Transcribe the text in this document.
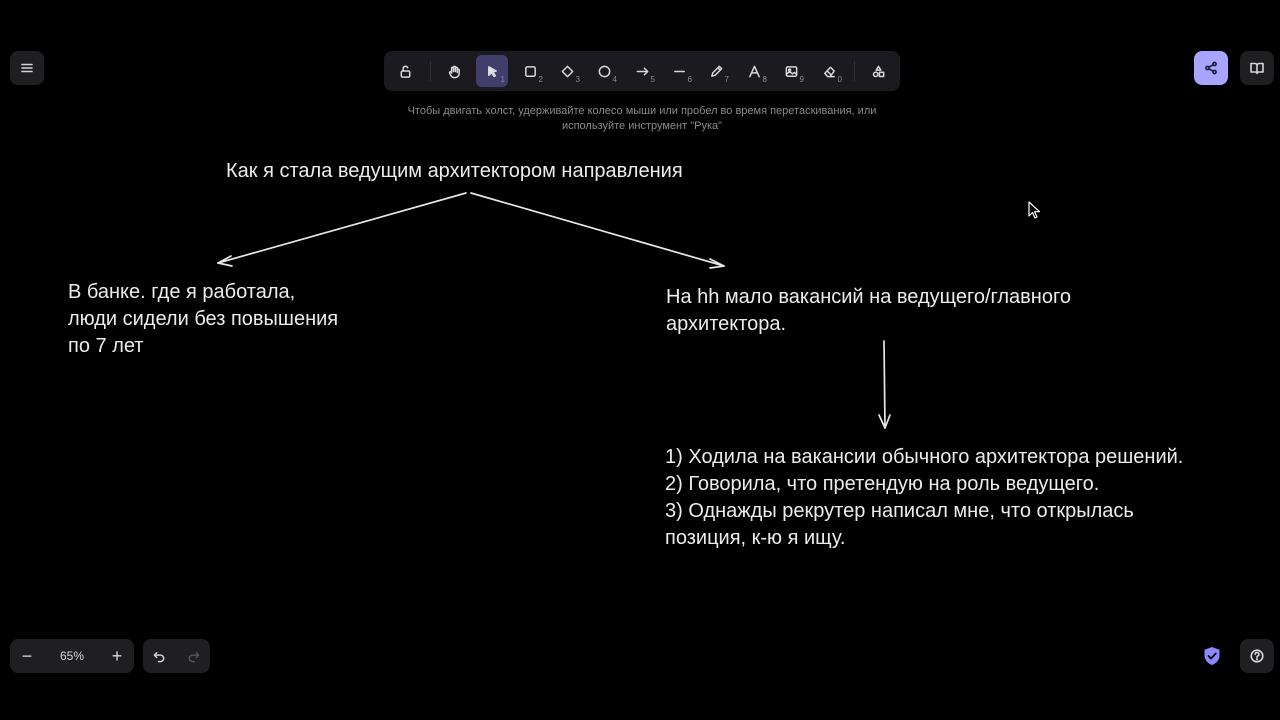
1	2	3	4	5	6	7	8	9	0
Чтобы двигать холст, удерживайте колесо мыши или пробел во время перетаскивания, или используйте инструмент "Рука"
Как я стала ведущим архитектором направления
В банке. где я работала,
люди сидели без повышения
по 7 лет
На hh мало вакансий на ведущего/главного
архитектора.
1) Ходила на вакансии обычного архитектора решений.
2) Говорила, что претендую на роль ведущего.
3) Однажды рекрутер написал мне, что открылась
позиция, к-ю я ищу.
−	65%	+
